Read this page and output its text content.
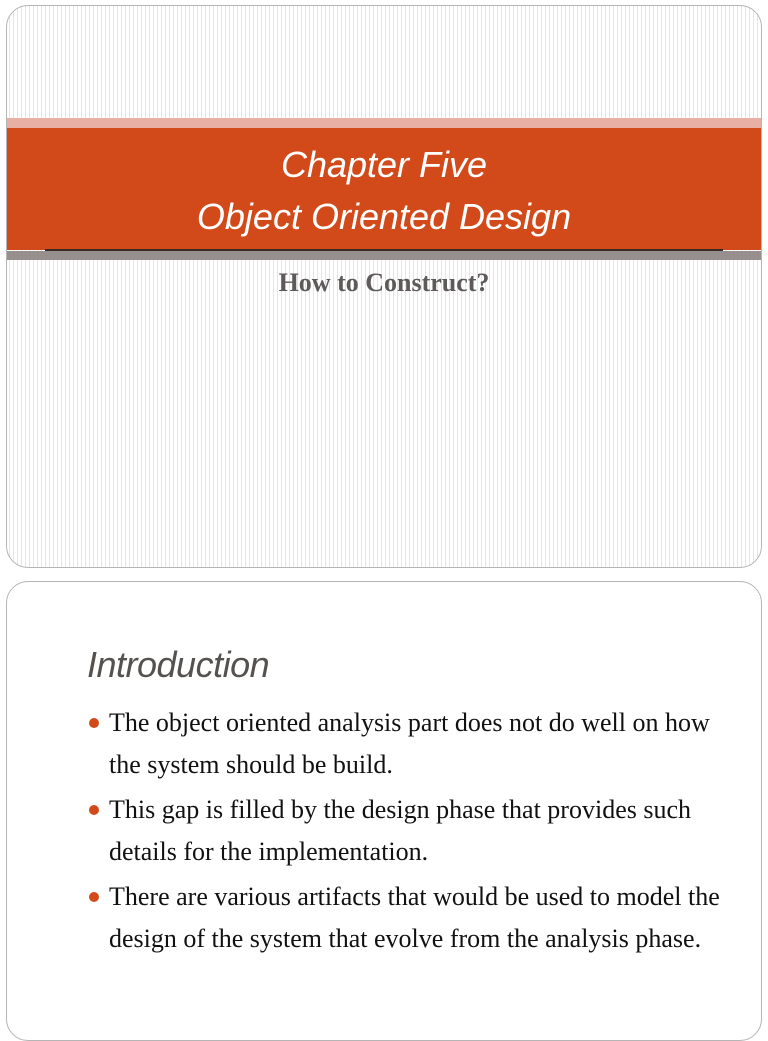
Chapter Five
Object Oriented Design
How to Construct?
Introduction
The object oriented analysis part does not do well on how the system should be build.
This gap is filled by the design phase that provides such details for the implementation.
There are various artifacts that would be used to model the design of the system that evolve from the analysis phase.
